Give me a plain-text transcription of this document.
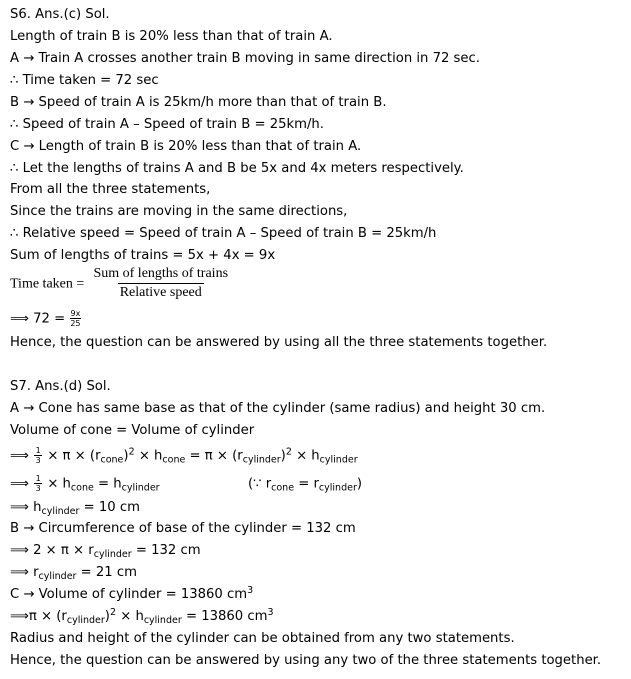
S6. Ans.(c) Sol.
Length of train B is 20% less than that of train A.
A → Train A crosses another train B moving in same direction in 72 sec.
∴ Time taken = 72 sec
B → Speed of train A is 25km/h more than that of train B.
∴ Speed of train A – Speed of train B = 25km/h.
C → Length of train B is 20% less than that of train A.
∴ Let the lengths of trains A and B be 5x and 4x meters respectively.
From all the three statements,
Since the trains are moving in the same directions,
∴ Relative speed = Speed of train A – Speed of train B = 25km/h
Sum of lengths of trains = 5x + 4x = 9x
Time taken = $\frac{\text{Sum of lengths of trains}}{\text{Relative speed}}$
⟹ $72 = \frac{9x}{25}$
Hence, the question can be answered by using all the three statements together.
S7. Ans.(d) Sol.
A → Cone has same base as that of the cylinder (same radius) and height 30 cm.
Volume of cone = Volume of cylinder
⟹ $\frac{1}{3} \times \pi \times (r_{cone})^2 \times h_{cone} = \pi \times (r_{cylinder})^2 \times h_{cylinder}$
⟹ $\frac{1}{3} \times h_{cone} = h_{cylinder}$	(∵ $r_{cone} = r_{cylinder}$)
⟹ $h_{cylinder} = 10$ cm
B → Circumference of base of the cylinder = 132 cm
⟹ $2 \times \pi \times r_{cylinder} = 132$ cm
⟹ $r_{cylinder} = 21$ cm
C → Volume of cylinder = 13860 $cm^3$
⟹π × $(r_{cylinder})^2 \times h_{cylinder} = 13860$ $cm^3$
Radius and height of the cylinder can be obtained from any two statements.
Hence, the question can be answered by using any two of the three statements together.
